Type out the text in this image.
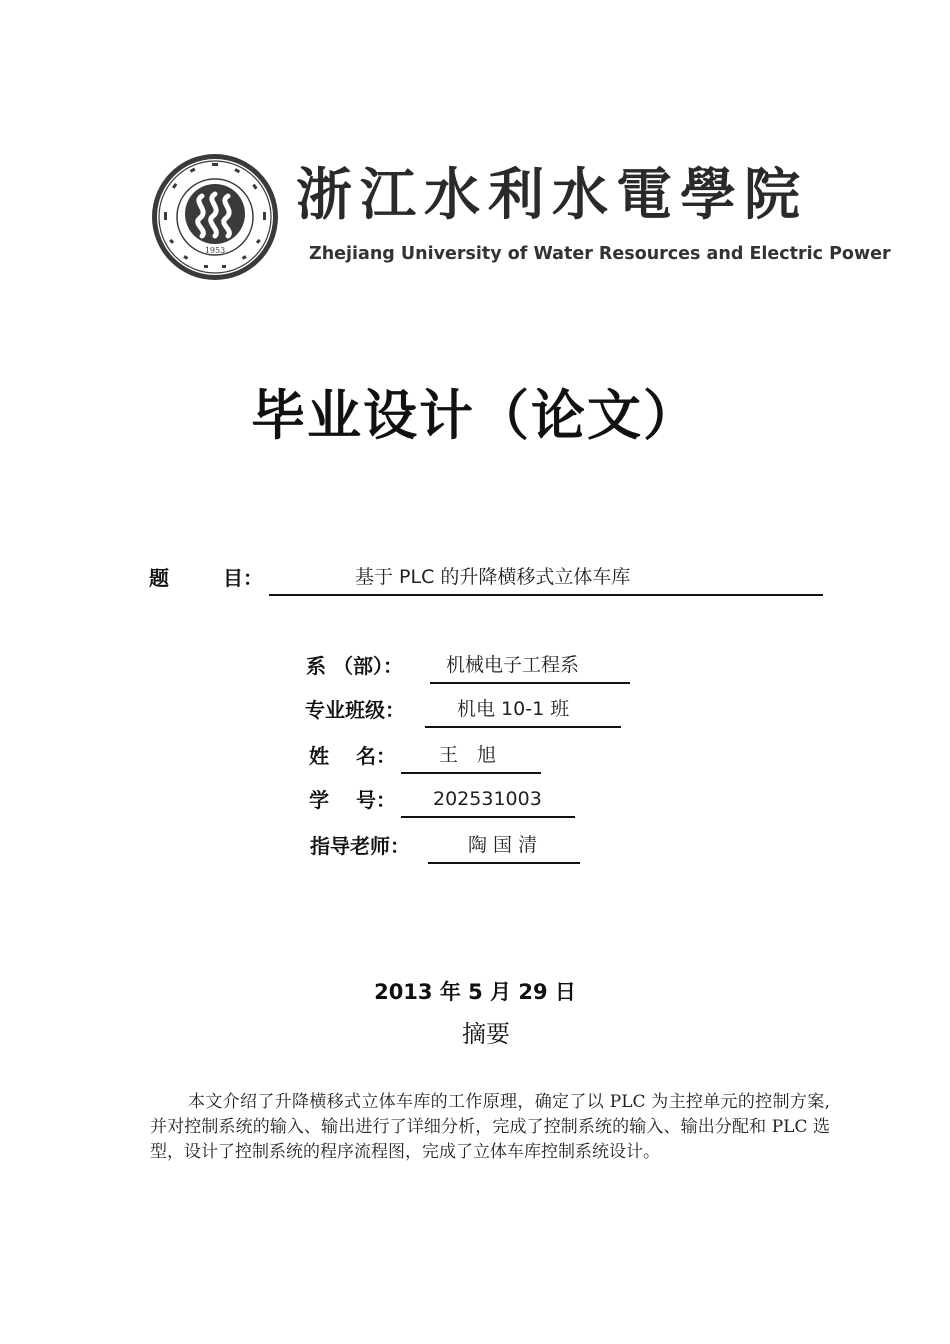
1953
浙江水利水電學院
Zhejiang University of Water Resources and Electric Power
毕业设计（论文）
题	目：	基于 PLC 的升降横移式立体车库
系 （部）： 机械电子工程系
专业班级：	机电 10-1 班
姓　 名： 王　旭
学　 号： 202531003
指导老师：	陶 国 清
2013 年 5 月 29 日
摘要

本文介绍了升降横移式立体车库的工作原理，确定了以 PLC 为主控单元的控制方案,并对控制系统的输入、输出进行了详细分析，完成了控制系统的输入、输出分配和 PLC 选型，设计了控制系统的程序流程图，完成了立体车库控制系统设计。
